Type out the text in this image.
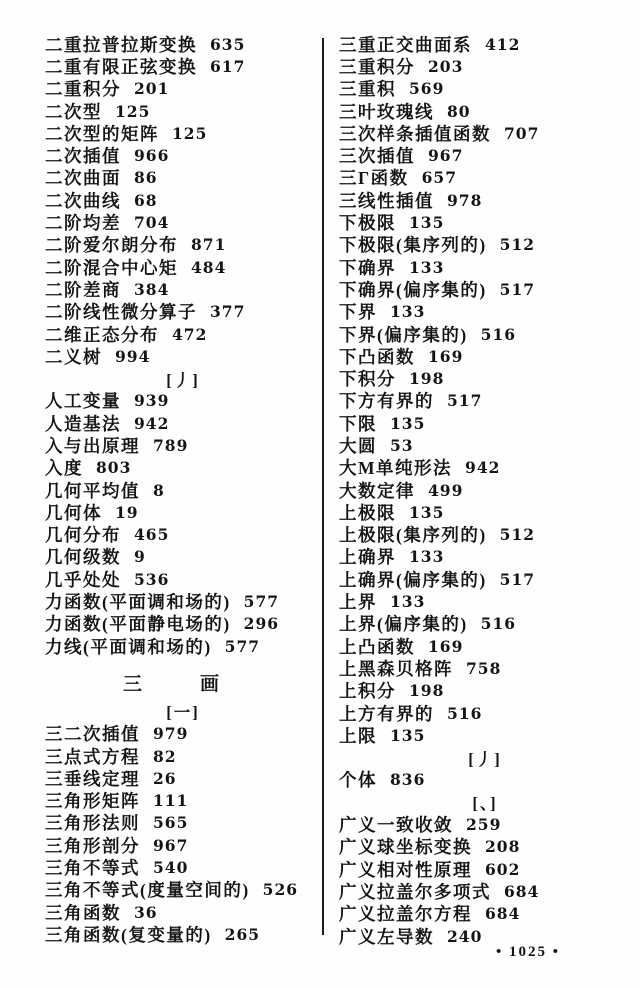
二重拉普拉斯变换 635
二重有限正弦变换 617
二重积分 201
二次型 125
二次型的矩阵 125
二次插值 966
二次曲面 86
二次曲线 68
二阶均差 704
二阶爱尔朗分布 871
二阶混合中心矩 484
二阶差商 384
二阶线性微分算子 377
二维正态分布 472
二义树 994
[丿]
人工变量 939
人造基法 942
入与出原理 789
入度 803
几何平均值 8
几何体 19
几何分布 465
几何级数 9
几乎处处 536
力函数(平面调和场的) 577
力函数(平面静电场的) 296
力线(平面调和场的) 577
三	画
[一]
三二次插值 979
三点式方程 82
三垂线定理 26
三角形矩阵 111
三角形法则 565
三角形剖分 967
三角不等式 540
三角不等式(度量空间的) 526
三角函数 36
三角函数(复变量的) 265
三重正交曲面系 412
三重积分 203
三重积 569
三叶玫瑰线 80
三次样条插值函数 707
三次插值 967
三Γ函数 657
三线性插值 978
下极限 135
下极限(集序列的) 512
下确界 133
下确界(偏序集的) 517
下界 133
下界(偏序集的) 516
下凸函数 169
下积分 198
下方有界的 517
下限 135
大圆 53
大M单纯形法 942
大数定律 499
上极限 135
上极限(集序列的) 512
上确界 133
上确界(偏序集的) 517
上界 133
上界(偏序集的) 516
上凸函数 169
上黑森贝格阵 758
上积分 198
上方有界的 516
上限 135
[丿]
个体 836
[、]
广义一致收敛 259
广义球坐标变换 208
广义相对性原理 602
广义拉盖尔多项式 684
广义拉盖尔方程 684
广义左导数 240
• 1025 •
